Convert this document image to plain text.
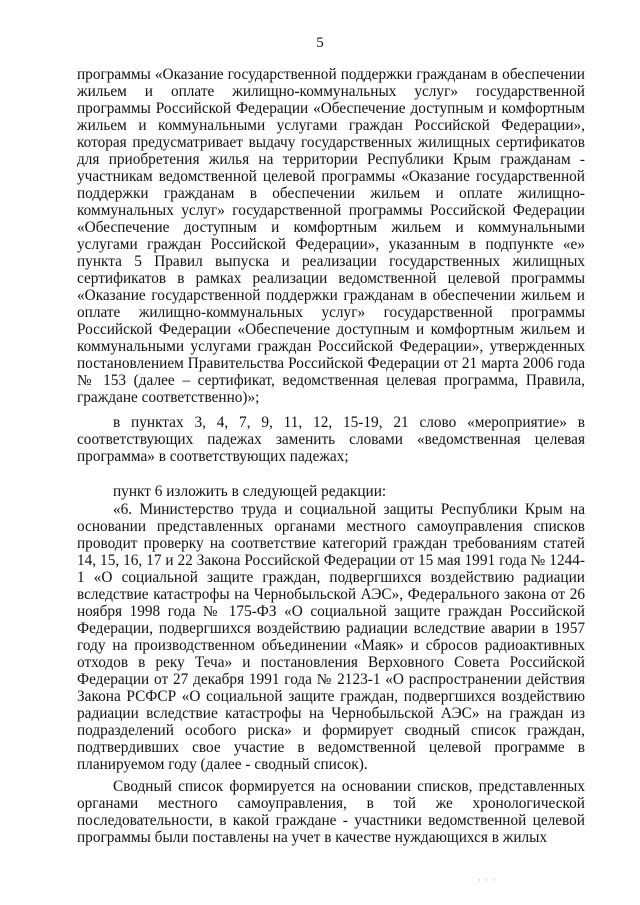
5

программы «Оказание государственной поддержки гражданам в обеспечении жильем и оплате жилищно-коммунальных услуг» государственной программы Российской Федерации «Обеспечение доступным и комфортным жильем и коммунальными услугами граждан Российской Федерации», которая предусматривает выдачу государственных жилищных сертификатов для приобретения жилья на территории Республики Крым гражданам - участникам ведомственной целевой программы «Оказание государственной поддержки гражданам в обеспечении жильем и оплате жилищно-коммунальных услуг» государственной программы Российской Федерации «Обеспечение доступным и комфортным жильем и коммунальными услугами граждан Российской Федерации», указанным в подпункте «е» пункта 5 Правил выпуска и реализации государственных жилищных сертификатов в рамках реализации ведомственной целевой программы «Оказание государственной поддержки гражданам в обеспечении жильем и оплате жилищно-коммунальных услуг» государственной программы Российской Федерации «Обеспечение доступным и комфортным жильем и коммунальными услугами граждан Российской Федерации», утвержденных постановлением Правительства Российской Федерации от 21 марта 2006 года № 153 (далее – сертификат, ведомственная целевая программа, Правила, граждане соответственно)»;

в пунктах 3, 4, 7, 9, 11, 12, 15-19, 21 слово «мероприятие» в соответствующих падежах заменить словами «ведомственная целевая программа» в соответствующих падежах;

пункт 6 изложить в следующей редакции:

«6. Министерство труда и социальной защиты Республики Крым на основании представленных органами местного самоуправления списков проводит проверку на соответствие категорий граждан требованиям статей 14, 15, 16, 17 и 22 Закона Российской Федерации от 15 мая 1991 года № 1244-1 «О социальной защите граждан, подвергшихся воздействию радиации вследствие катастрофы на Чернобыльской АЭС», Федерального закона от 26 ноября 1998 года № 175-ФЗ «О социальной защите граждан Российской Федерации, подвергшихся воздействию радиации вследствие аварии в 1957 году на производственном объединении «Маяк» и сбросов радиоактивных отходов в реку Теча» и постановления Верховного Совета Российской Федерации от 27 декабря 1991 года № 2123-1 «О распространении действия Закона РСФСР «О социальной защите граждан, подвергшихся воздействию радиации вследствие катастрофы на Чернобыльской АЭС» на граждан из подразделений особого риска» и формирует сводный список граждан, подтвердивших свое участие в ведомственной целевой программе в планируемом году (далее - сводный список).

Сводный список формируется на основании списков, представленных органами местного самоуправления, в той же хронологической последовательности, в какой граждане - участники ведомственной целевой программы были поставлены на учет в качестве нуждающихся в жилых

· · ·
